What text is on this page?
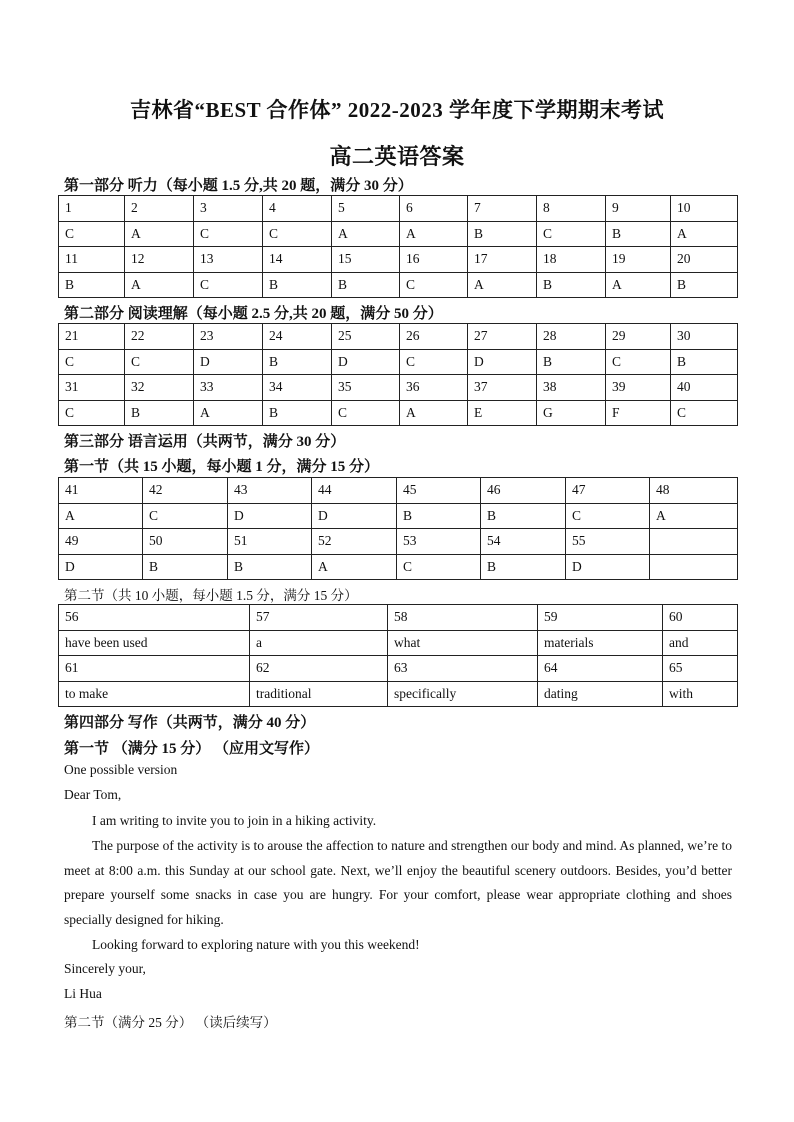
吉林省“BEST 合作体” 2022-2023 学年度下学期期末考试
高二英语答案
第一部分 听力（每小题 1.5 分,共 20 题，满分 30 分）
1	2	3	4	5	6	7	8	9	10
C	A	C	C	A	A	B	C	B	A
11	12	13	14	15	16	17	18	19	20
B	A	C	B	B	C	A	B	A	B
第二部分 阅读理解（每小题 2.5 分,共 20 题，满分 50 分）
21	22	23	24	25	26	27	28	29	30
C	C	D	B	D	C	D	B	C	B
31	32	33	34	35	36	37	38	39	40
C	B	A	B	C	A	E	G	F	C
第三部分 语言运用（共两节，满分 30 分）
第一节（共 15 小题，每小题 1 分，满分 15 分）
41	42	43	44	45	46	47	48
A	C	D	D	B	B	C	A
49	50	51	52	53	54	55	
D	B	B	A	C	B	D	
第二节（共 10 小题，每小题 1.5 分，满分 15 分）
56	57	58	59	60
have been used	a	what	materials	and
61	62	63	64	65
to make	traditional	specifically	dating	with
第四部分 写作（共两节，满分 40 分）
第一节 （满分 15 分） （应用文写作）
One possible version
Dear Tom,
I am writing to invite you to join in a hiking activity.
The purpose of the activity is to arouse the affection to nature and strengthen our body and mind. As planned, we’re to meet at 8:00 a.m. this Sunday at our school gate. Next, we’ll enjoy the beautiful scenery outdoors. Besides, you’d better prepare yourself some snacks in case you are hungry. For your comfort, please wear appropriate clothing and shoes specially designed for hiking.
Looking forward to exploring nature with you this weekend!
Sincerely your,
Li Hua
第二节（满分 25 分） （读后续写）
